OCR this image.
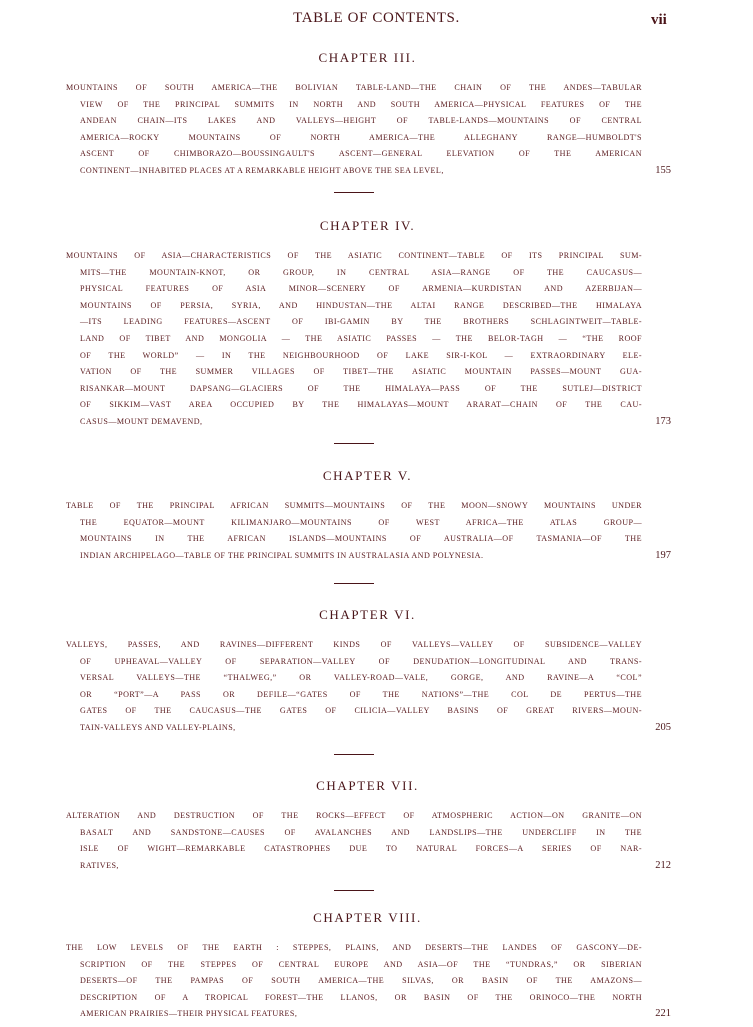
TABLE OF CONTENTS.	vii
CHAPTER III.
MOUNTAINS OF SOUTH AMERICA—THE BOLIVIAN TABLE-LAND—THE CHAIN OF THE ANDES—TABULAR
VIEW OF THE PRINCIPAL SUMMITS IN NORTH AND SOUTH AMERICA—PHYSICAL FEATURES OF THE
ANDEAN CHAIN—ITS LAKES AND VALLEYS—HEIGHT OF TABLE-LANDS—MOUNTAINS OF CENTRAL
AMERICA—ROCKY MOUNTAINS OF NORTH AMERICA—THE ALLEGHANY RANGE—HUMBOLDT'S
ASCENT OF CHIMBORAZO—BOUSSINGAULT'S ASCENT—GENERAL ELEVATION OF THE AMERICAN
CONTINENT—INHABITED PLACES AT A REMARKABLE HEIGHT ABOVE THE SEA LEVEL,	155
CHAPTER IV.
MOUNTAINS OF ASIA—CHARACTERISTICS OF THE ASIATIC CONTINENT—TABLE OF ITS PRINCIPAL SUM-
MITS—THE MOUNTAIN-KNOT, OR GROUP, IN CENTRAL ASIA—RANGE OF THE CAUCASUS—
PHYSICAL FEATURES OF ASIA MINOR—SCENERY OF ARMENIA—KURDISTAN AND AZERBIJAN—
MOUNTAINS OF PERSIA, SYRIA, AND HINDUSTAN—THE ALTAI RANGE DESCRIBED—THE HIMALAYA
—ITS LEADING FEATURES—ASCENT OF IBI-GAMIN BY THE BROTHERS SCHLAGINTWEIT—TABLE-
LAND OF TIBET AND MONGOLIA — THE ASIATIC PASSES — THE BELOR-TAGH — “THE ROOF
OF THE WORLD” — IN THE NEIGHBOURHOOD OF LAKE SIR-I-KOL — EXTRAORDINARY ELE-
VATION OF THE SUMMER VILLAGES OF TIBET—THE ASIATIC MOUNTAIN PASSES—MOUNT GUA-
RISANKAR—MOUNT DAPSANG—GLACIERS OF THE HIMALAYA—PASS OF THE SUTLEJ—DISTRICT
OF SIKKIM—VAST AREA OCCUPIED BY THE HIMALAYAS—MOUNT ARARAT—CHAIN OF THE CAU-
CASUS—MOUNT DEMAVEND,	173
CHAPTER V.
TABLE OF THE PRINCIPAL AFRICAN SUMMITS—MOUNTAINS OF THE MOON—SNOWY MOUNTAINS UNDER
THE EQUATOR—MOUNT KILIMANJARO—MOUNTAINS OF WEST AFRICA—THE ATLAS GROUP—
MOUNTAINS IN THE AFRICAN ISLANDS—MOUNTAINS OF AUSTRALIA—OF TASMANIA—OF THE
INDIAN ARCHIPELAGO—TABLE OF THE PRINCIPAL SUMMITS IN AUSTRALASIA AND POLYNESIA.	197
CHAPTER VI.
VALLEYS, PASSES, AND RAVINES—DIFFERENT KINDS OF VALLEYS—VALLEY OF SUBSIDENCE—VALLEY
OF UPHEAVAL—VALLEY OF SEPARATION—VALLEY OF DENUDATION—LONGITUDINAL AND TRANS-
VERSAL VALLEYS—THE “THALWEG,” OR VALLEY-ROAD—VALE, GORGE, AND RAVINE—A “COL”
OR “PORT”—A PASS OR DEFILE—“GATES OF THE NATIONS”—THE COL DE PERTUS—THE
GATES OF THE CAUCASUS—THE GATES OF CILICIA—VALLEY BASINS OF GREAT RIVERS—MOUN-
TAIN-VALLEYS AND VALLEY-PLAINS,	205
CHAPTER VII.
ALTERATION AND DESTRUCTION OF THE ROCKS—EFFECT OF ATMOSPHERIC ACTION—ON GRANITE—ON
BASALT AND SANDSTONE—CAUSES OF AVALANCHES AND LANDSLIPS—THE UNDERCLIFF IN THE
ISLE OF WIGHT—REMARKABLE CATASTROPHES DUE TO NATURAL FORCES—A SERIES OF NAR-
RATIVES,	212
CHAPTER VIII.
THE LOW LEVELS OF THE EARTH : STEPPES, PLAINS, AND DESERTS—THE LANDES OF GASCONY—DE-
SCRIPTION OF THE STEPPES OF CENTRAL EUROPE AND ASIA—OF THE “TUNDRAS,” OR SIBERIAN
DESERTS—OF THE PAMPAS OF SOUTH AMERICA—THE SILVAS, OR BASIN OF THE AMAZONS—
DESCRIPTION OF A TROPICAL FOREST—THE LLANOS, OR BASIN OF THE ORINOCO—THE NORTH
AMERICAN PRAIRIES—THEIR PHYSICAL FEATURES,	221
